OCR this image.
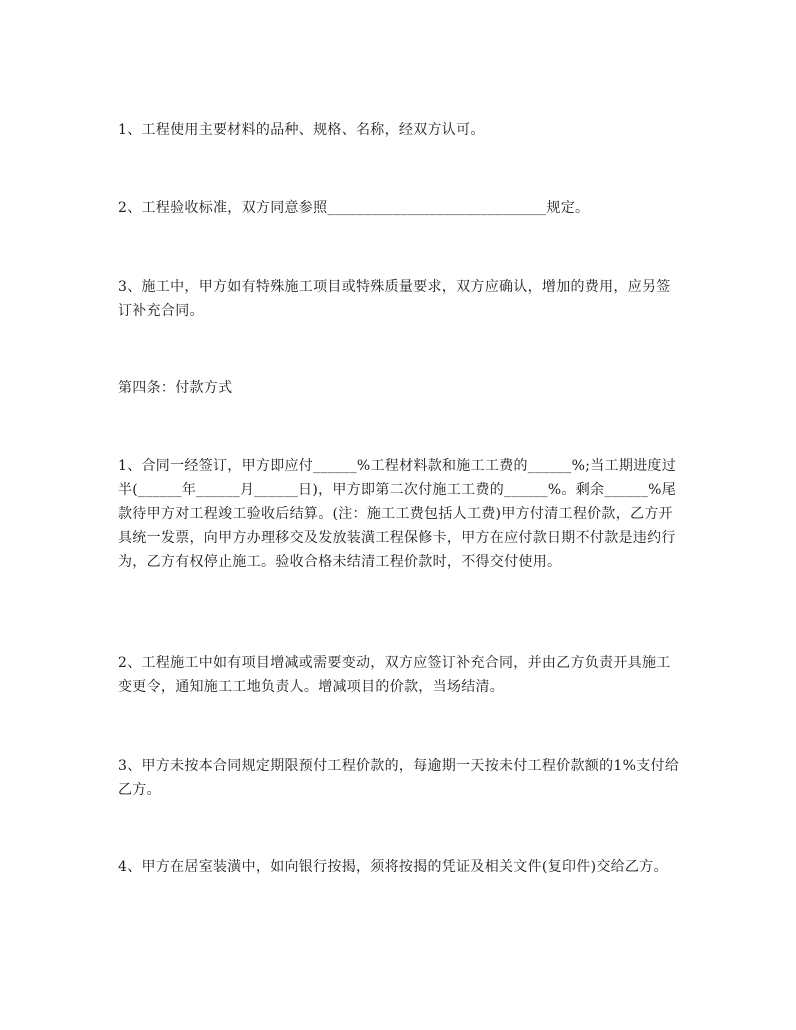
1、工程使用主要材料的品种、规格、名称，经双方认可。

2、工程验收标准，双方同意参照______________________________规定。

3、施工中，甲方如有特殊施工项目或特殊质量要求，双方应确认，增加的费用，应另签订补充合同。

第四条：付款方式

1、合同一经签订，甲方即应付______%工程材料款和施工工费的______%;当工期进度过半(______年______月______日)，甲方即第二次付施工工费的______%。剩余______%尾款待甲方对工程竣工验收后结算。(注：施工工费包括人工费)甲方付清工程价款，乙方开具统一发票，向甲方办理移交及发放装潢工程保修卡，甲方在应付款日期不付款是违约行为，乙方有权停止施工。验收合格未结清工程价款时，不得交付使用。

2、工程施工中如有项目增减或需要变动，双方应签订补充合同，并由乙方负责开具施工变更令，通知施工工地负责人。增减项目的价款，当场结清。

3、甲方未按本合同规定期限预付工程价款的，每逾期一天按未付工程价款额的1%支付给乙方。

4、甲方在居室装潢中，如向银行按揭，须将按揭的凭证及相关文件(复印件)交给乙方。
